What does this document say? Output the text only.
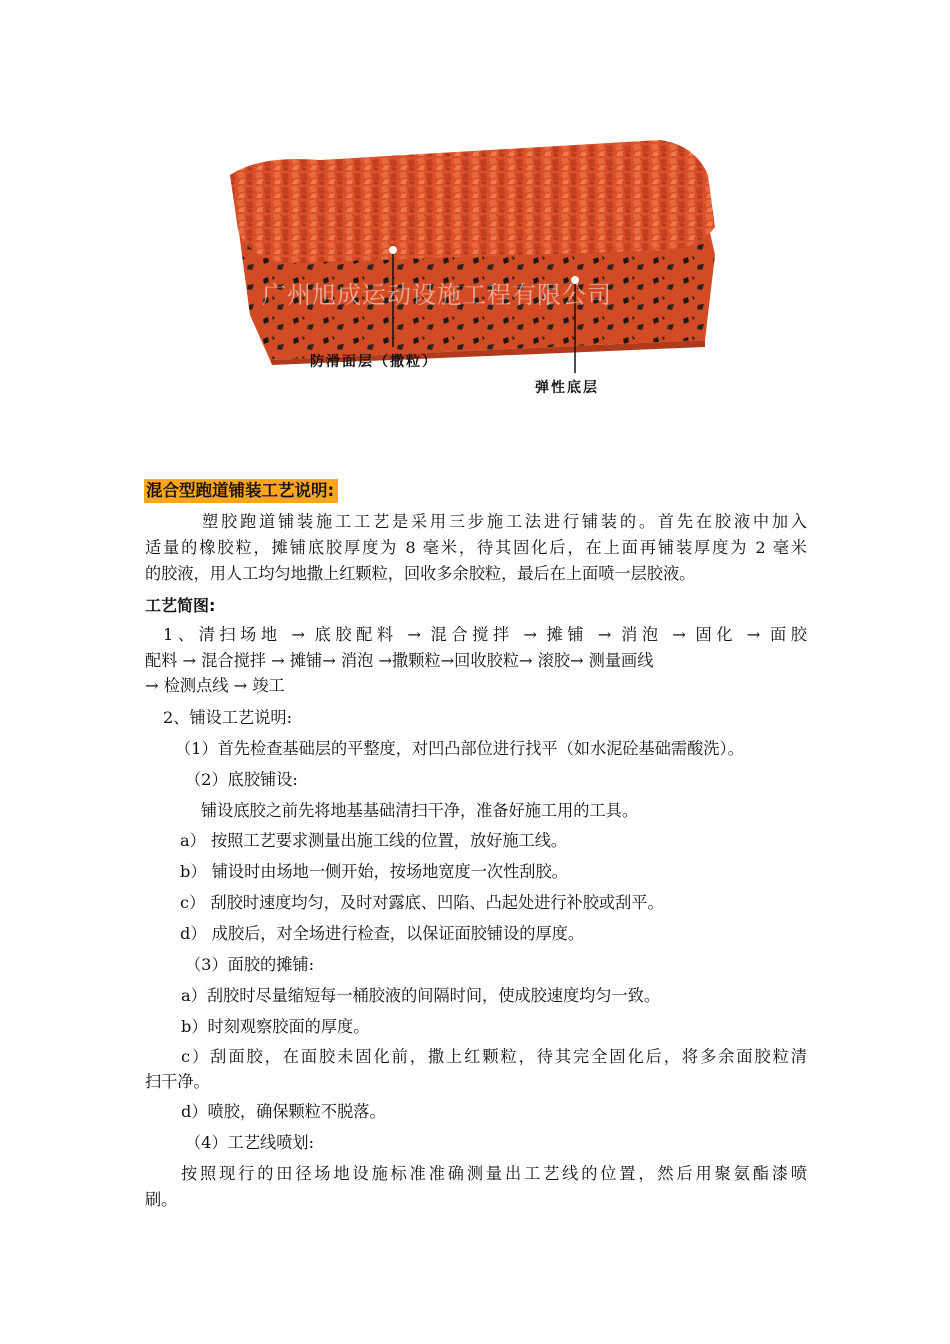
广州旭成运动设施工程有限公司
防滑面层（撒粒）
弹性底层
混合型跑道铺装工艺说明:
塑胶跑道铺装施工工艺是采用三步施工法进行铺装的。首先在胶液中加入
适量的橡胶粒，摊铺底胶厚度为 8 毫米，待其固化后，在上面再铺装厚度为 2 毫米
的胶液，用人工均匀地撒上红颗粒，回收多余胶粒，最后在上面喷一层胶液。
工艺简图:
1、清扫场地 → 底胶配料 → 混合搅拌 → 摊铺 → 消泡 → 固化 → 面胶
配料 → 混合搅拌 → 摊铺→ 消泡 →撒颗粒→回收胶粒→ 滚胶→ 测量画线
→ 检测点线 → 竣工
2、铺设工艺说明:
（1）首先检查基础层的平整度，对凹凸部位进行找平（如水泥砼基础需酸洗）。
（2）底胶铺设:
铺设底胶之前先将地基基础清扫干净，准备好施工用的工具。
a） 按照工艺要求测量出施工线的位置，放好施工线。
b） 铺设时由场地一侧开始，按场地宽度一次性刮胶。
c） 刮胶时速度均匀，及时对露底、凹陷、凸起处进行补胶或刮平。
d） 成胶后，对全场进行检查，以保证面胶铺设的厚度。
（3）面胶的摊铺:
a）刮胶时尽量缩短每一桶胶液的间隔时间，使成胶速度均匀一致。
b）时刻观察胶面的厚度。
c）刮面胶，在面胶未固化前，撒上红颗粒，待其完全固化后，将多余面胶粒清
扫干净。
d）喷胶，确保颗粒不脱落。
（4）工艺线喷划:
按照现行的田径场地设施标准准确测量出工艺线的位置，然后用聚氨酯漆喷
刷。
